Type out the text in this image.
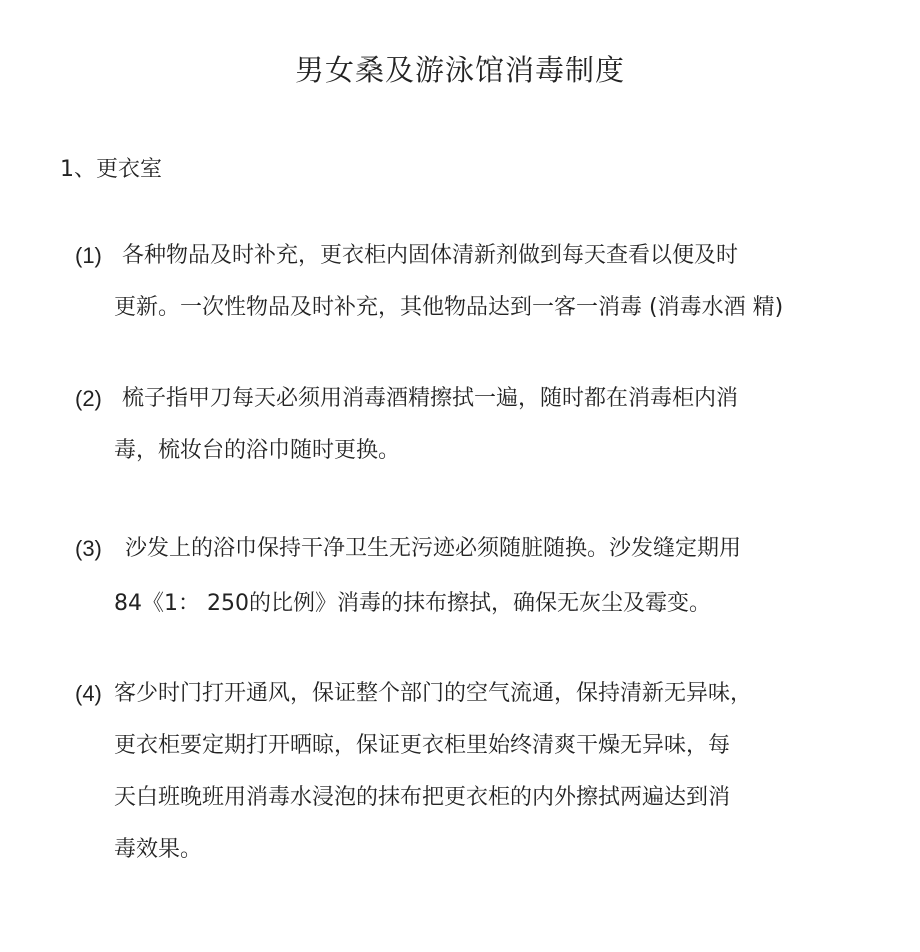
男女桑及游泳馆消毒制度
1、更衣室
(1) 各种物品及时补充，更衣柜内固体清新剂做到每天查看以便及时
更新。一次性物品及时补充，其他物品达到一客一消毒 (消毒水酒 精)
(2) 梳子指甲刀每天必须用消毒酒精擦拭一遍，随时都在消毒柜内消
毒，梳妆台的浴巾随时更换。
(3) 沙发上的浴巾保持干净卫生无污迹必须随脏随换。沙发缝定期用
84《1： 250的比例》消毒的抹布擦拭，确保无灰尘及霉变。
(4) 客少时门打开通风，保证整个部门的空气流通，保持清新无异味，
更衣柜要定期打开晒晾，保证更衣柜里始终清爽干燥无异味，每
天白班晚班用消毒水浸泡的抹布把更衣柜的内外擦拭两遍达到消
毒效果。
